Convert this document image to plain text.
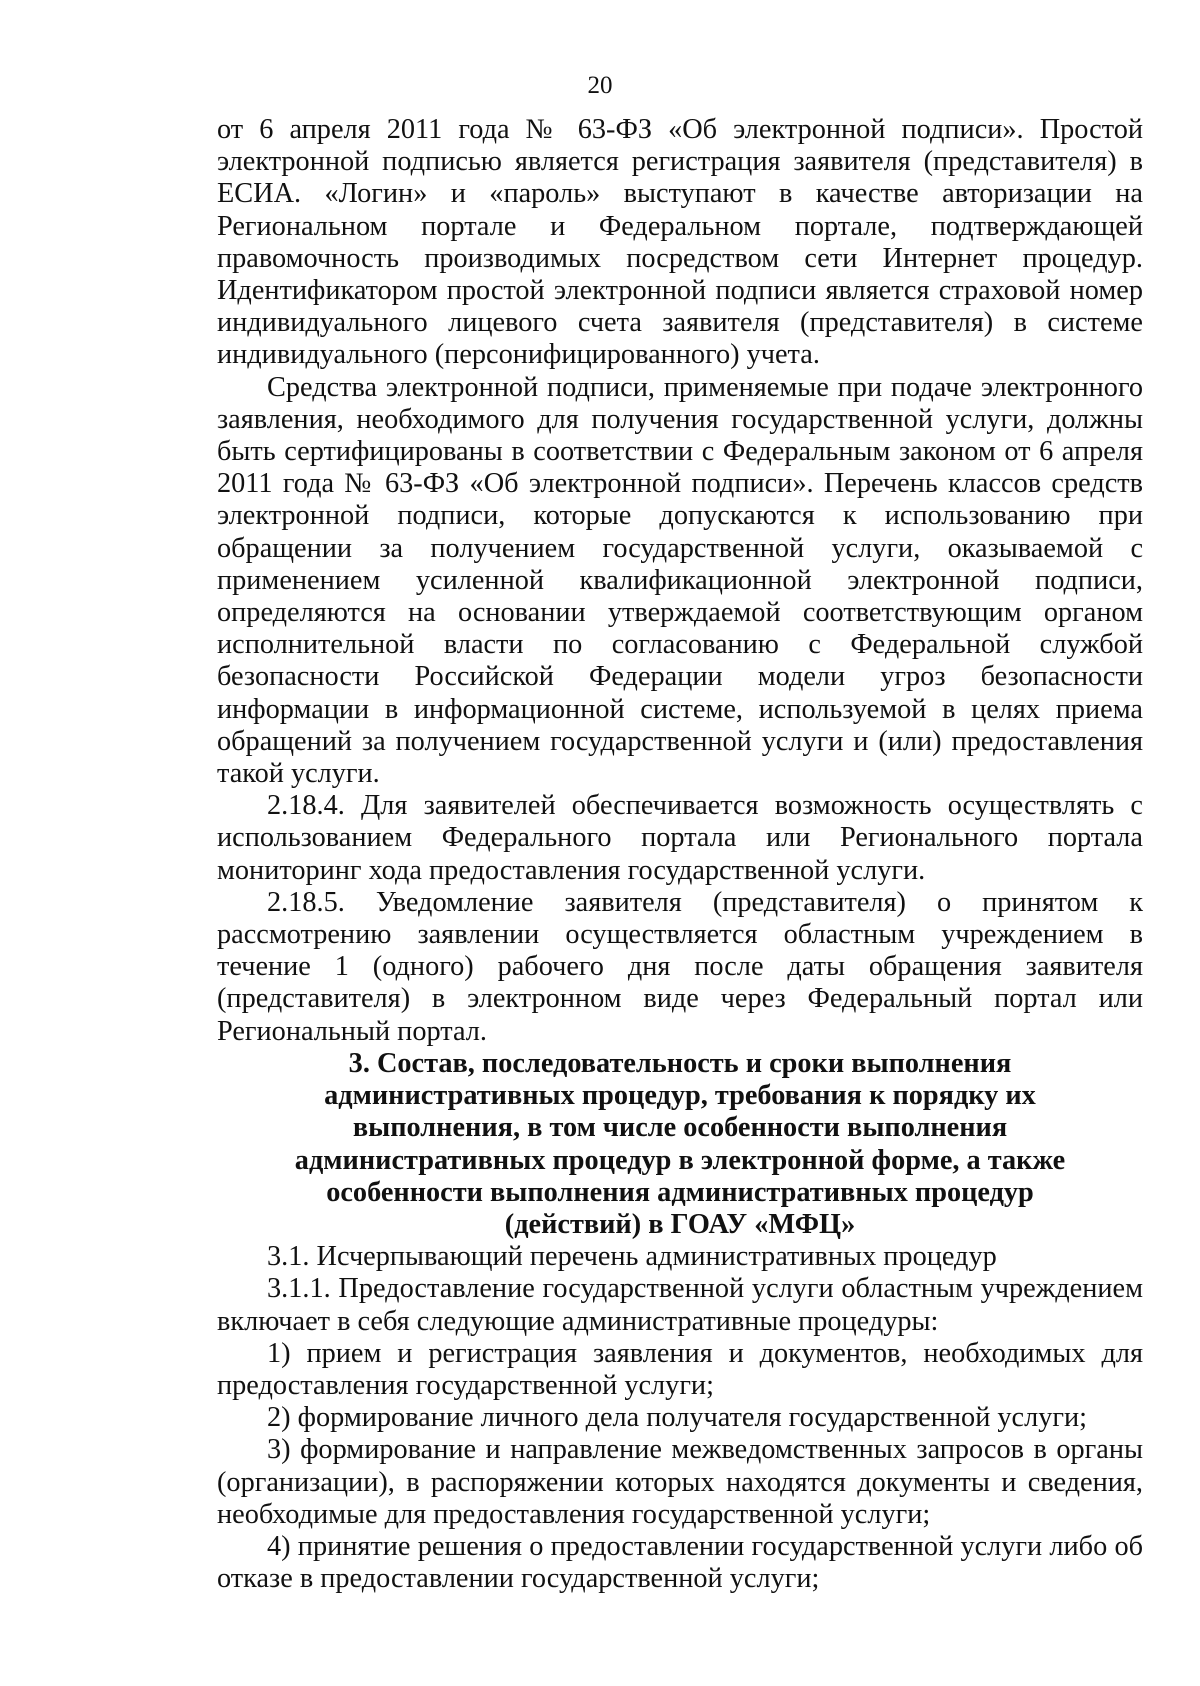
20

от 6 апреля 2011 года № 63-ФЗ «Об электронной подписи». Простой электронной подписью является регистрация заявителя (представителя) в ЕСИА. «Логин» и «пароль» выступают в качестве авторизации на Региональном портале и Федеральном портале, подтверждающей правомочность производимых посредством сети Интернет процедур. Идентификатором простой электронной подписи является страховой номер индивидуального лицевого счета заявителя (представителя) в системе индивидуального (персонифицированного) учета.

Средства электронной подписи, применяемые при подаче электронного заявления, необходимого для получения государственной услуги, должны быть сертифицированы в соответствии с Федеральным законом от 6 апреля 2011 года № 63-ФЗ «Об электронной подписи». Перечень классов средств электронной подписи, которые допускаются к использованию при обращении за получением государственной услуги, оказываемой с применением усиленной квалификационной электронной подписи, определяются на основании утверждаемой соответствующим органом исполнительной власти по согласованию с Федеральной службой безопасности Российской Федерации модели угроз безопасности информации в информационной системе, используемой в целях приема обращений за получением государственной услуги и (или) предоставления такой услуги.

2.18.4. Для заявителей обеспечивается возможность осуществлять с использованием Федерального портала или Регионального портала мониторинг хода предоставления государственной услуги.

2.18.5. Уведомление заявителя (представителя) о принятом к рассмотрению заявлении осуществляется областным учреждением в течение 1 (одного) рабочего дня после даты обращения заявителя (представителя) в электронном виде через Федеральный портал или Региональный портал.

3. Состав, последовательность и сроки выполнения административных процедур, требования к порядку их выполнения, в том числе особенности выполнения административных процедур в электронной форме, а также особенности выполнения административных процедур (действий) в ГОАУ «МФЦ»

3.1. Исчерпывающий перечень административных процедур

3.1.1. Предоставление государственной услуги областным учреждением включает в себя следующие административные процедуры:

1) прием и регистрация заявления и документов, необходимых для предоставления государственной услуги;

2) формирование личного дела получателя государственной услуги;

3) формирование и направление межведомственных запросов в органы (организации), в распоряжении которых находятся документы и сведения, необходимые для предоставления государственной услуги;

4) принятие решения о предоставлении государственной услуги либо об отказе в предоставлении государственной услуги;
